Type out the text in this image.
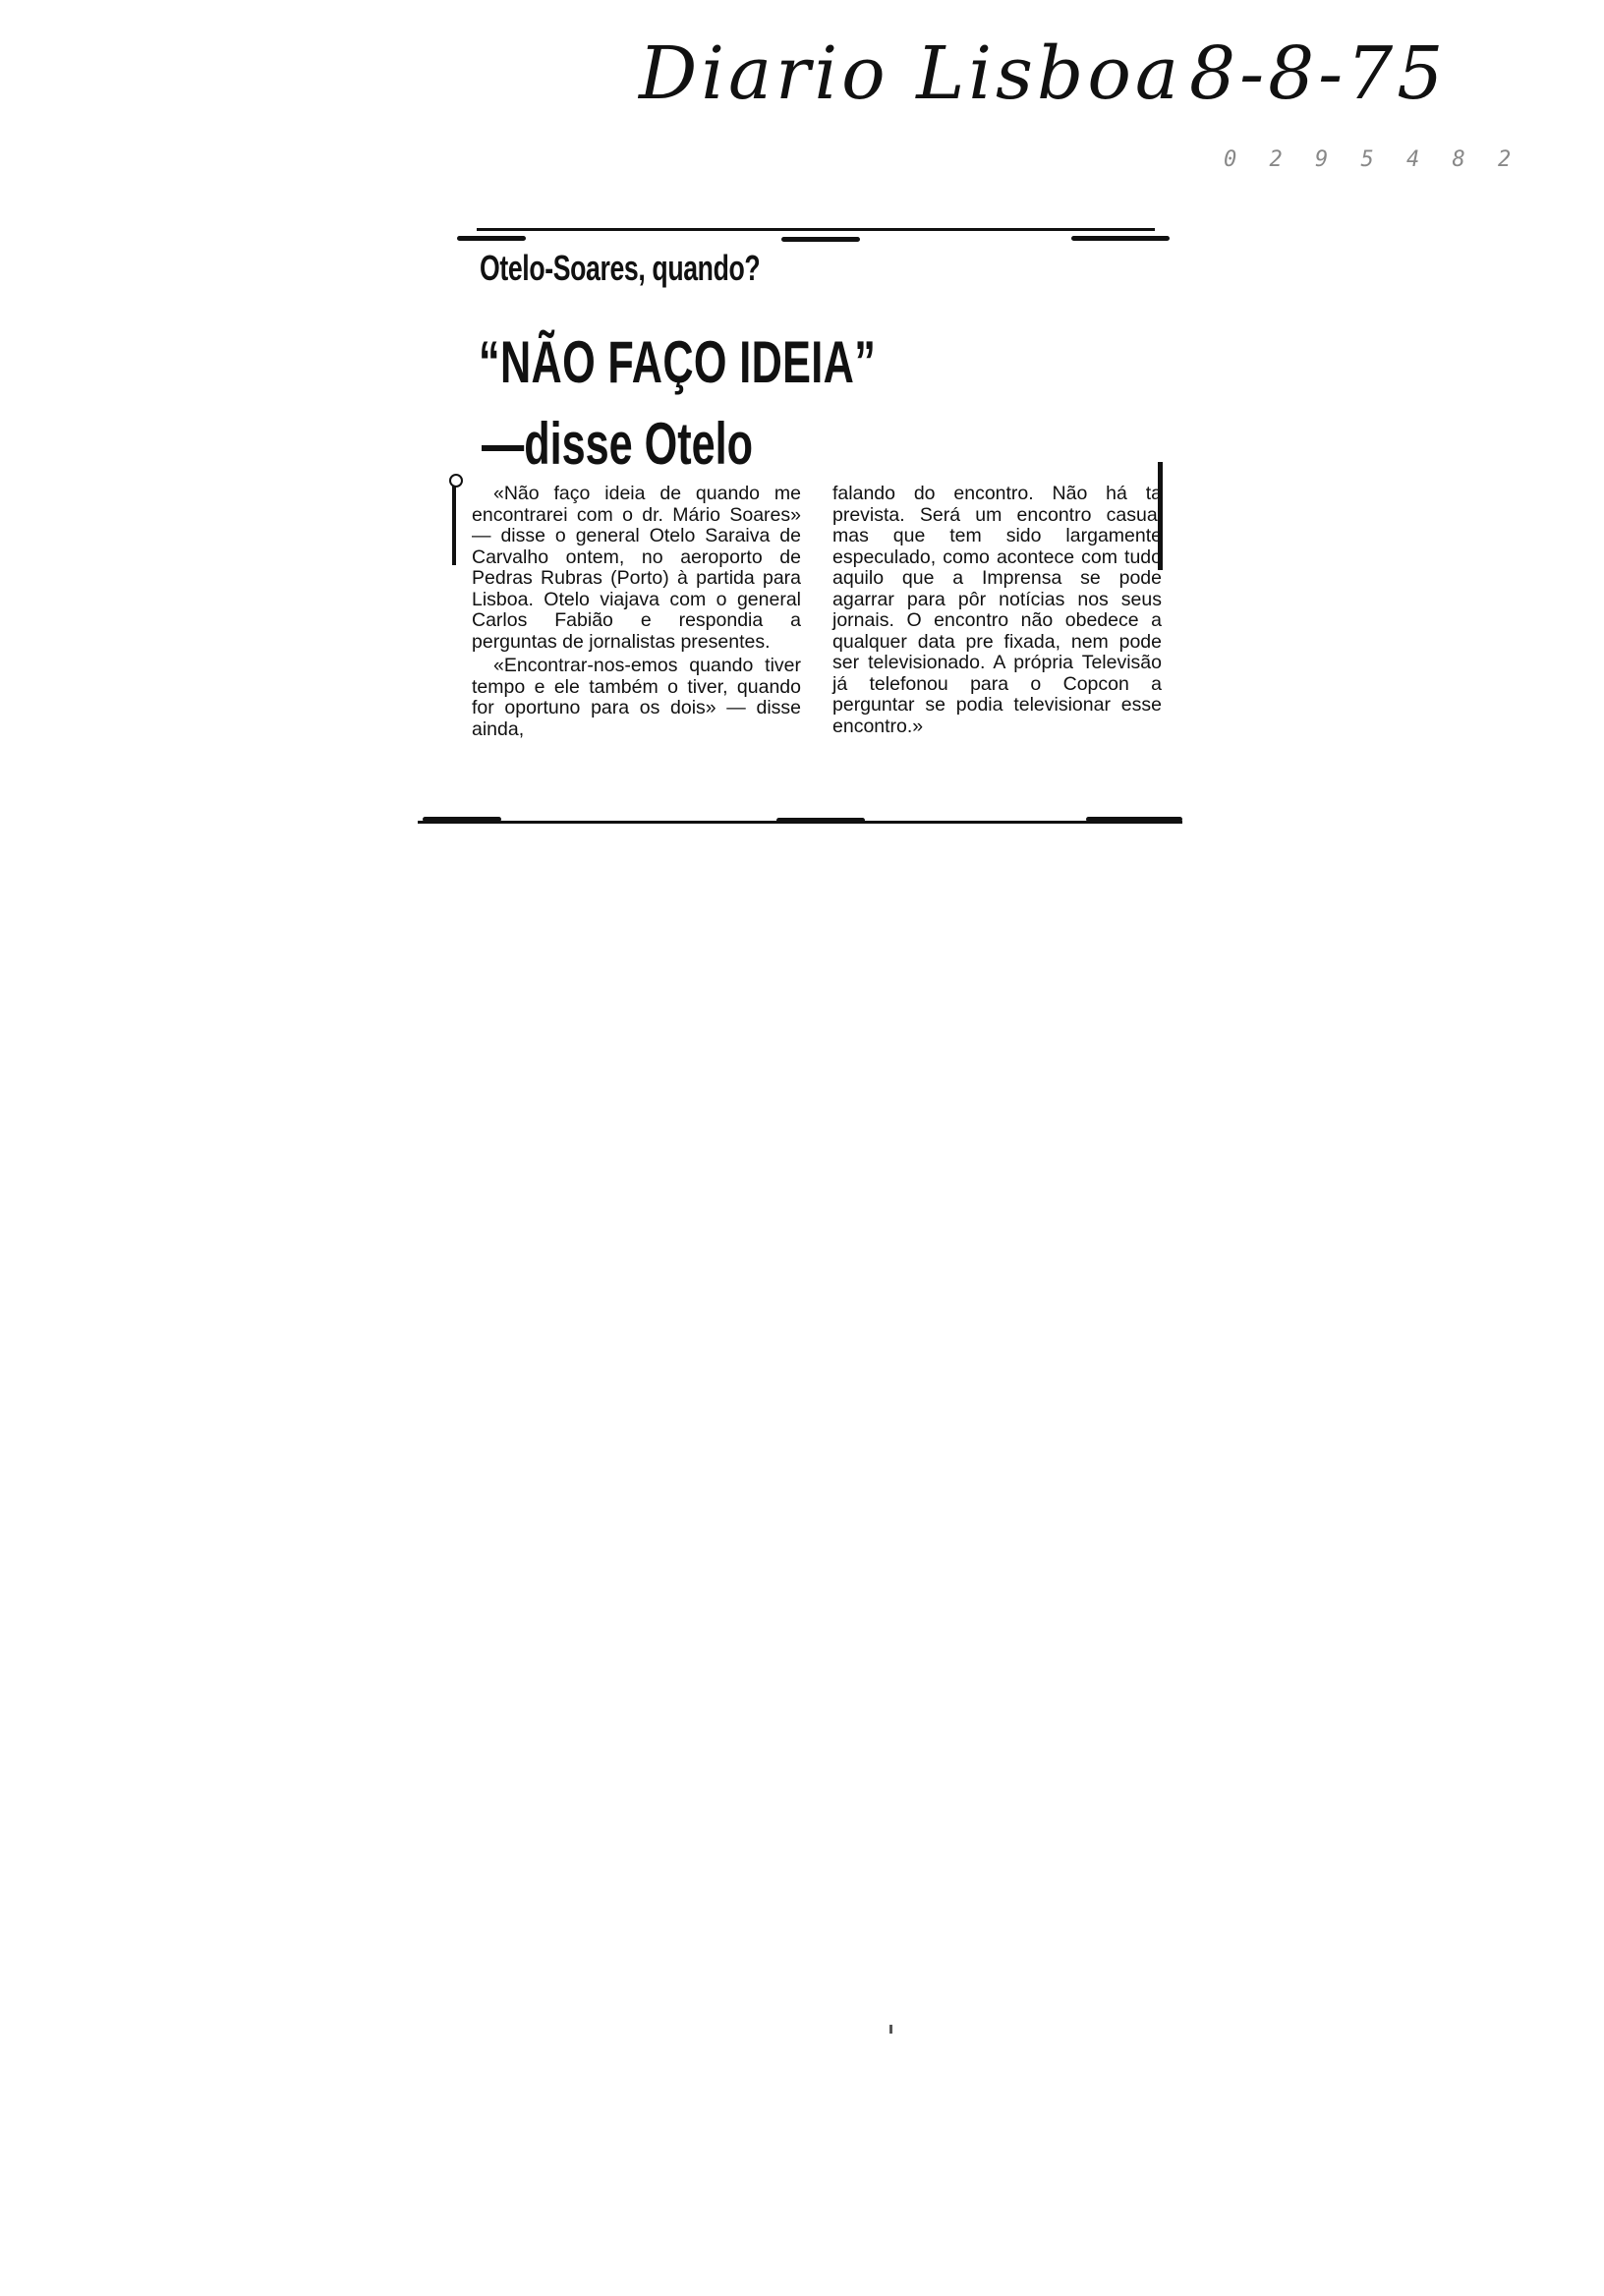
Diario Lisboa 8-8-75
0 2 9 5 4 8 2
Otelo-Soares, quando?
“NÃO FAÇO IDEIA”
—disse Otelo

«Não faço ideia de quando me encontrarei com o dr. Mário Soares» — disse o general Otelo Saraiva de Carvalho ontem, no aeroporto de Pedras Rubras (Porto) à partida para Lisboa. Otelo viajava com o general Carlos Fabião e respondia a perguntas de jornalistas presentes.

«Encontrar-nos-emos quando tiver tempo e ele também o tiver, quando for oportuno para os dois» — disse ainda,

falando do encontro. Não há ta prevista. Será um encontro casual mas que tem sido largamente especulado, como acontece com tudo aquilo que a Imprensa se pode agarrar para pôr notícias nos seus jornais. O encontro não obedece a qualquer data pre fixada, nem pode ser televisionado. A própria Televisão já telefonou para o Copcon a perguntar se podia televisionar esse encontro.»
